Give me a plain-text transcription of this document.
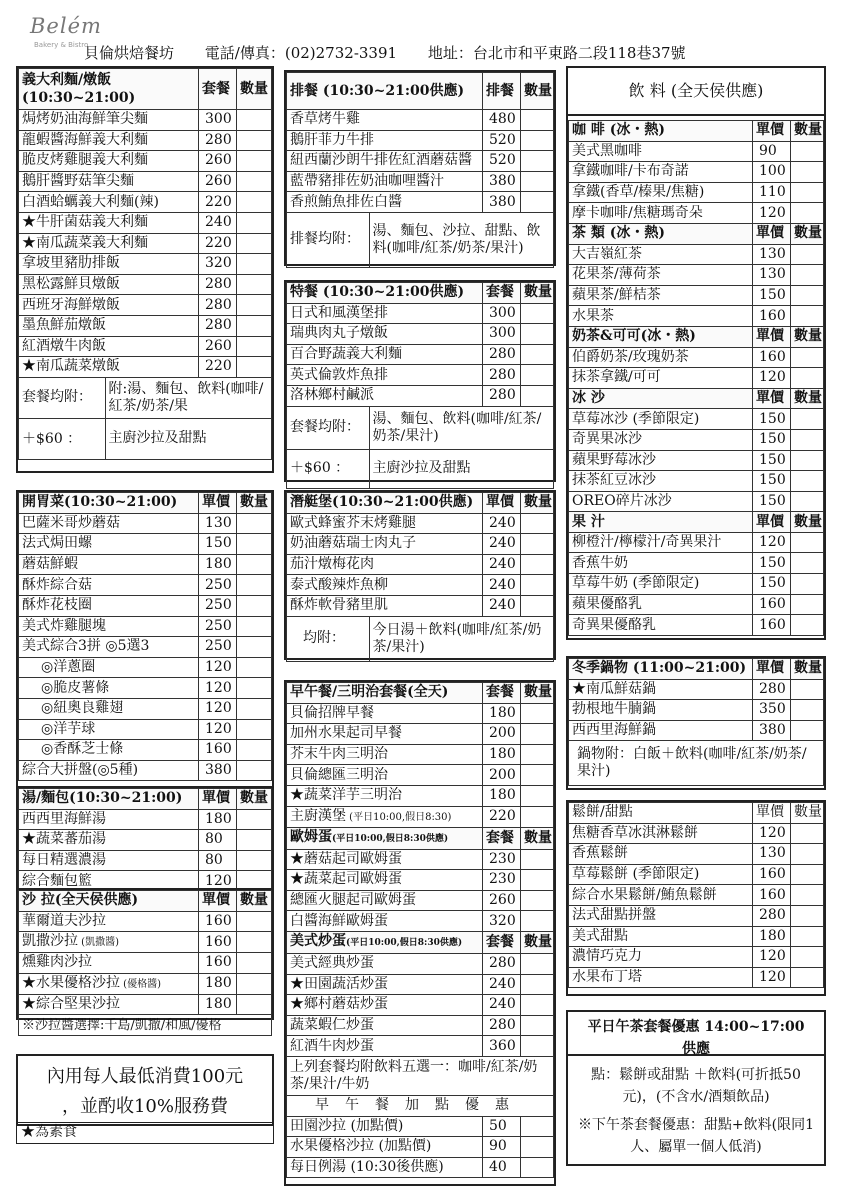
Belém
Bakery & Bistro
貝倫烘焙餐坊 電話/傳真：(02)2732-3391 地址：台北市和平東路二段118巷37號
義大利麵/燉飯
(10:30~21:00)	套餐	數量
焗烤奶油海鮮筆尖麵	300	
龍蝦醬海鮮義大利麵	280	
脆皮烤雞腿義大利麵	260	
鵝肝醬野菇筆尖麵	260	
白酒蛤蠣義大利麵(辣)	220	
★牛肝菌菇義大利麵	240	
★南瓜蔬菜義大利麵	220	
拿坡里豬肋排飯	320	
黑松露鮮貝燉飯	280	
西班牙海鮮燉飯	280	
墨魚鮮茄燉飯	280	
紅酒燉牛肉飯	260	
★南瓜蔬菜燉飯	220	

套餐均附：	附:湯、麵包、飲料(咖啡/紅茶/奶茶/果
＋$60 ：	主廚沙拉及甜點
排餐 (10:30~21:00供應)	排餐	數量
香草烤牛雞	480	
鵝肝菲力牛排	520	
紐西蘭沙朗牛排佐紅酒蘑菇醬	520	
藍帶豬排佐奶油咖哩醬汁	380	
香煎鮪魚排佐白醬	380	

排餐均附：	湯、麵包、沙拉、甜點、飲料(咖啡/紅茶/奶茶/果汁)
特餐 (10:30~21:00供應)	套餐	數量
日式和風漢堡排	300	
瑞典肉丸子燉飯	300	
百合野蔬義大利麵	280	
英式倫敦炸魚排	280	
洛林鄉村鹹派	280	

套餐均附：	湯、麵包、飲料(咖啡/紅茶/奶茶/果汁)
＋$60 ：	主廚沙拉及甜點
飲 料 (全天侯供應)
咖 啡 (冰・熱)	單價	數量
美式黑咖啡	90	
拿鐵咖啡/卡布奇諾	100	
拿鐵(香草/榛果/焦糖)	110	
摩卡咖啡/焦糖瑪奇朵	120	
茶 類 (冰・熱)	單價	數量
大吉嶺紅茶	130	
花果茶/薄荷茶	130	
蘋果茶/鮮桔茶	150	
水果茶	160	
奶茶&可可(冰・熱)	單價	數量
伯爵奶茶/玫瑰奶茶	160	
抹茶拿鐵/可可	120	
冰 沙	單價	數量
草莓冰沙 (季節限定)	150	
奇異果冰沙	150	
蘋果野莓冰沙	150	
抹茶紅豆冰沙	150	
OREO碎片冰沙	150	
果 汁	單價	數量
柳橙汁/檸檬汁/奇異果汁	120	
香蕉牛奶	150	
草莓牛奶 (季節限定)	150	
蘋果優酪乳	160	
奇異果優酪乳	160	
開胃菜(10:30~21:00)	單價	數量
巴薩米哥炒蘑菇	130	
法式焗田螺	150	
蘑菇鮮蝦	180	
酥炸綜合菇	250	
酥炸花枝圈	250	
美式炸雞腿塊	250	
美式綜合3拼 ◎5選3	250	
◎洋蔥圈	120	
◎脆皮薯條	120	
◎紐奧良雞翅	120	
◎洋芋球	120	
◎香酥芝士條	160	
綜合大拼盤(◎5種)	380	
湯/麵包(10:30~21:00)	單價	數量
西西里海鮮湯	180	
★蔬菜蕃茄湯	80	
每日精選濃湯	80	
綜合麵包籃	120	
沙 拉(全天侯供應)	單價	數量
華爾道夫沙拉	160	
凱撒沙拉 (凱撒醬)	160	
燻雞肉沙拉	160	
★水果優格沙拉 (優格醬)	180	
★綜合堅果沙拉	180	
※沙拉醬選擇:千島/凱撒/和風/優格		
潛艇堡(10:30~21:00供應)	單價	數量
歐式蜂蜜芥末烤雞腿	240	
奶油蘑菇瑞士肉丸子	240	
茄汁燉梅花肉	240	
泰式酸辣炸魚柳	240	
酥炸軟骨豬里肌	240	

均附：	今日湯＋飲料(咖啡/紅茶/奶茶/果汁)
早午餐/三明治套餐(全天)	套餐	數量
貝倫招牌早餐	180	
加州水果起司早餐	200	
芥末牛肉三明治	180	
貝倫總匯三明治	200	
★蔬菜洋芋三明治	180	
主廚漢堡 (平日10:00,假日8:30)	220	
歐姆蛋(平日10:00,假日8:30供應)	套餐	數量
★蘑菇起司歐姆蛋	230	
★蔬菜起司歐姆蛋	230	
總匯火腿起司歐姆蛋	260	
白醬海鮮歐姆蛋	320	
美式炒蛋(平日10:00,假日8:30供應)	套餐	數量
美式經典炒蛋	280	
★田園蔬活炒蛋	240	
★鄉村蘑菇炒蛋	240	
蔬菜蝦仁炒蛋	280	
紅酒牛肉炒蛋	360	
上列套餐均附飲料五選一：咖啡/紅茶/奶茶/果汁/牛奶		
早午餐加點優惠		
田園沙拉 (加點價)	50	
水果優格沙拉 (加點價)	90	
每日例湯 (10:30後供應)	40	
冬季鍋物 (11:00~21:00)	單價	數量
★南瓜鮮菇鍋	280	
勃根地牛腩鍋	350	
西西里海鮮鍋	380	
鍋物附：白飯＋飲料(咖啡/紅茶/奶茶/果汁)		
鬆餅/甜點	單價	數量
焦糖香草冰淇淋鬆餅	120	
香蕉鬆餅	130	
草莓鬆餅 (季節限定)	160	
綜合水果鬆餅/鮪魚鬆餅	160	
法式甜點拼盤	280	
美式甜點	180	
濃情巧克力	120	
水果布丁塔	120	
內用每人最低消費100元
，並酌收10%服務費
★為素食
平日午茶套餐優惠 14:00~17:00 供應
點：鬆餅或甜點 ＋飲料(可折抵50元)，(不含水/酒類飲品)
※下午茶套餐優惠：甜點+飲料(限同1人、屬單一個人低消)
